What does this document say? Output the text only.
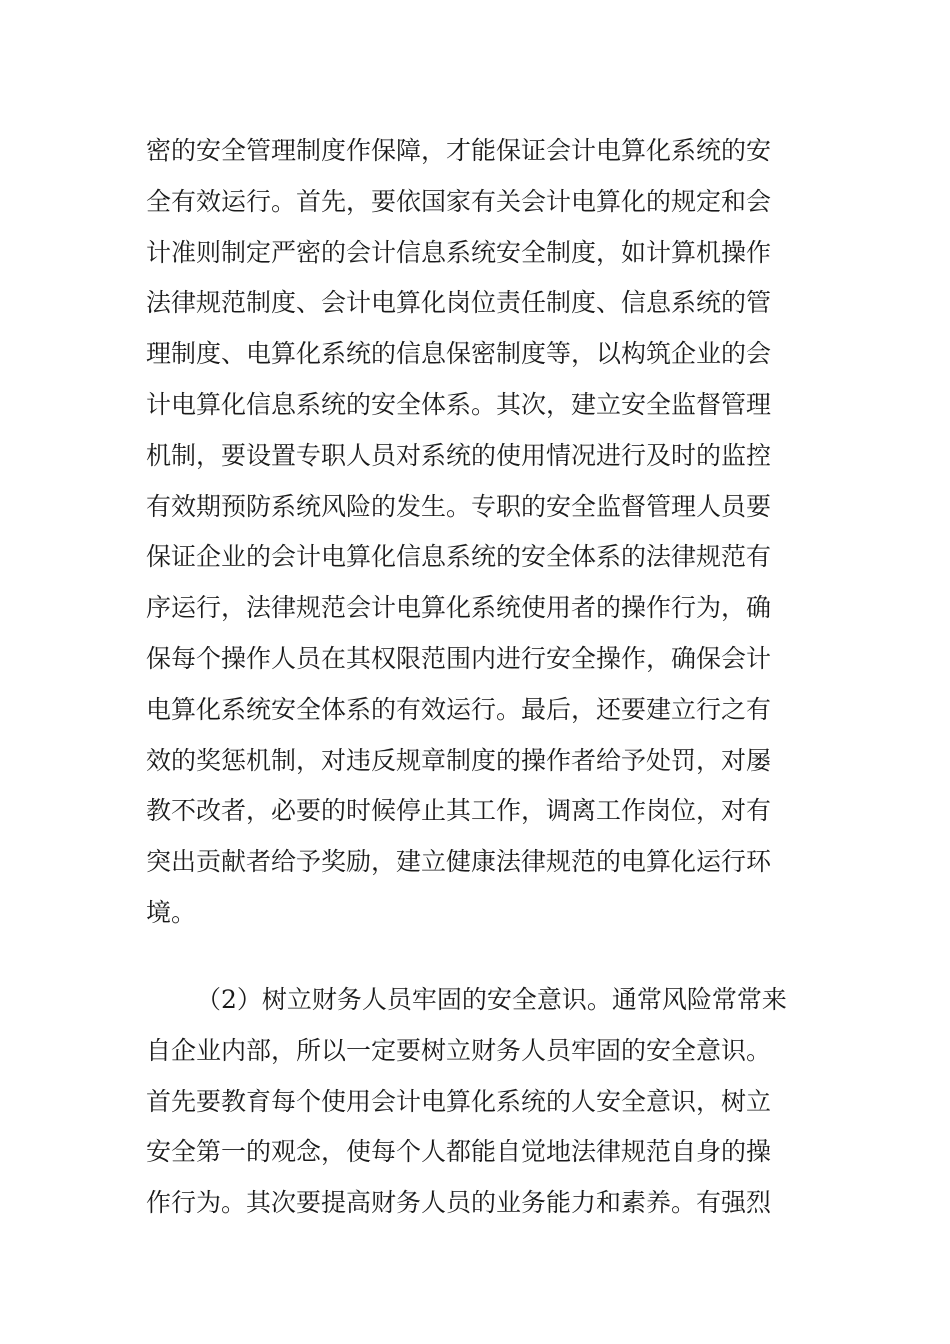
密的安全管理制度作保障，才能保证会计电算化系统的安
全有效运行。首先，要依国家有关会计电算化的规定和会
计准则制定严密的会计信息系统安全制度，如计算机操作
法律规范制度、会计电算化岗位责任制度、信息系统的管
理制度、电算化系统的信息保密制度等，以构筑企业的会
计电算化信息系统的安全体系。其次，建立安全监督管理
机制，要设置专职人员对系统的使用情况进行及时的监控
有效期预防系统风险的发生。专职的安全监督管理人员要
保证企业的会计电算化信息系统的安全体系的法律规范有
序运行，法律规范会计电算化系统使用者的操作行为，确
保每个操作人员在其权限范围内进行安全操作，确保会计
电算化系统安全体系的有效运行。最后，还要建立行之有
效的奖惩机制，对违反规章制度的操作者给予处罚，对屡
教不改者，必要的时候停止其工作，调离工作岗位，对有
突出贡献者给予奖励，建立健康法律规范的电算化运行环
境。
（2）树立财务人员牢固的安全意识。通常风险常常来
自企业内部，所以一定要树立财务人员牢固的安全意识。
首先要教育每个使用会计电算化系统的人安全意识，树立
安全第一的观念，使每个人都能自觉地法律规范自身的操
作行为。其次要提高财务人员的业务能力和素养。有强烈
